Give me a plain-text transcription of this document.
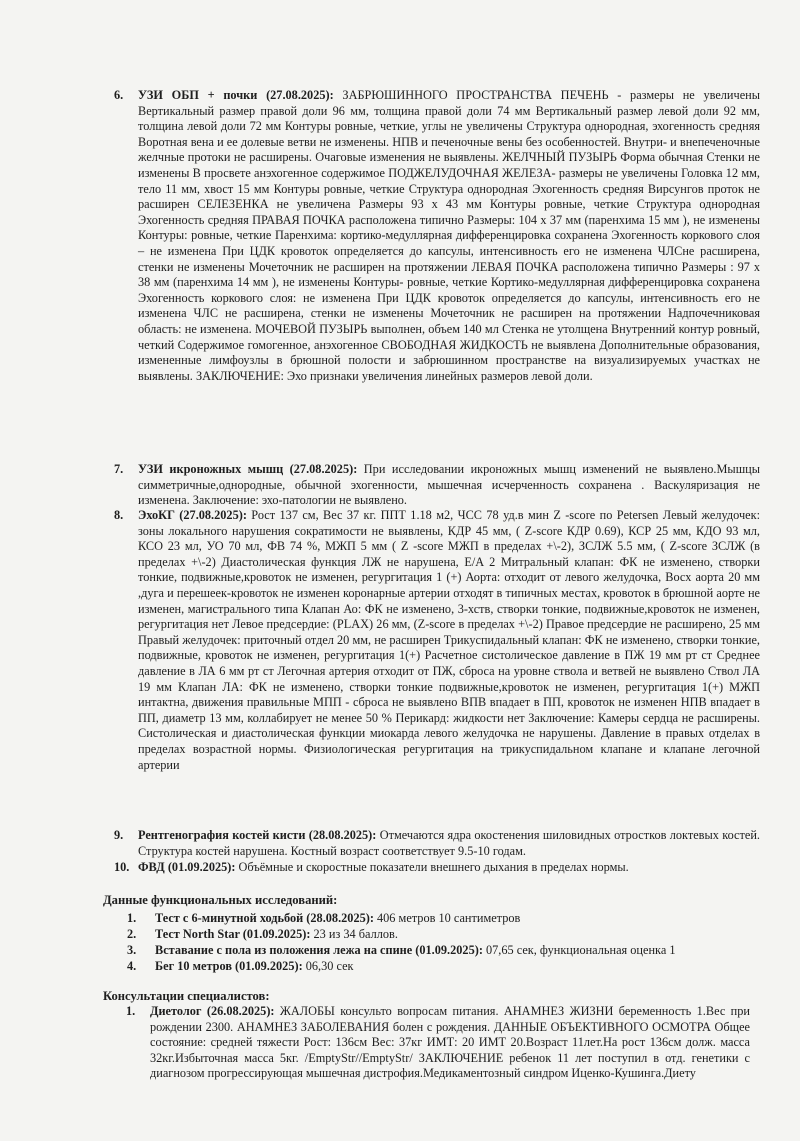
6. УЗИ ОБП + почки (27.08.2025): ЗАБРЮШИННОГО ПРОСТРАНСТВА ПЕЧЕНЬ - размеры не увеличены Вертикальный размер правой доли 96 мм, толщина правой доли 74 мм Вертикальный размер левой доли 92 мм, толщина левой доли 72 мм Контуры ровные, четкие, углы не увеличены Структура однородная, эхогенность средняя Воротная вена и ее долевые ветви не изменены. НПВ и печеночные вены без особенностей. Внутри- и внепеченочные желчные протоки не расширены. Очаговые изменения не выявлены. ЖЕЛЧНЫЙ ПУЗЫРЬ Форма обычная Стенки не изменены В просвете анэхогенное содержимое ПОДЖЕЛУДОЧНАЯ ЖЕЛЕЗА- размеры не увеличены Головка 12 мм, тело 11 мм, хвост 15 мм Контуры ровные, четкие Структура однородная Эхогенность средняя Вирсунгов проток не расширен СЕЛЕЗЕНКА не увеличена Размеры 93 x 43 мм Контуры ровные, четкие Структура однородная Эхогенность средняя ПРАВАЯ ПОЧКА расположена типично Размеры: 104 x 37 мм (паренхима 15 мм ), не изменены Контуры: ровные, четкие Паренхима: кортико-медуллярная дифференцировка сохранена Эхогенность коркового слоя – не изменена При ЦДК кровоток определяется до капсулы, интенсивность его не изменена ЧЛСне расширена, стенки не изменены Мочеточник не расширен на протяжении ЛЕВАЯ ПОЧКА расположена типично Размеры : 97 x 38 мм (паренхима 14 мм ), не изменены Контуры- ровные, четкие Кортико-медуллярная дифференцировка сохранена Эхогенность коркового слоя: не изменена При ЦДК кровоток определяется до капсулы, интенсивность его не изменена ЧЛС не расширена, стенки не изменены Мочеточник не расширен на протяжении Надпочечниковая область: не изменена. МОЧЕВОЙ ПУЗЫРЬ выполнен, объем 140 мл Стенка не утолщена Внутренний контур ровный, четкий Содержимое гомогенное, анэхогенное СВОБОДНАЯ ЖИДКОСТЬ не выявлена Дополнительные образования, измененные лимфоузлы в брюшной полости и забрюшинном пространстве на визуализируемых участках не выявлены. ЗАКЛЮЧЕНИЕ: Эхо признаки увеличения линейных размеров левой доли.
7. УЗИ икроножных мышц (27.08.2025): При исследовании икроножных мышц изменений не выявлено.Мышцы симметричные,однородные, обычной эхогенности, мышечная исчерченность сохранена . Васкуляризация не изменена. Заключение: эхо-патологии не выявлено.
8. ЭхоКГ (27.08.2025): Рост 137 см, Вес 37 кг. ППТ 1.18 м2, ЧСС 78 уд.в мин Z -score по Petersen Левый желудочек: зоны локального нарушения сократимости не выявлены, КДР 45 мм, ( Z-score КДР 0.69), КСР 25 мм, КДО 93 мл, КСО 23 мл, УО 70 мл, ФВ 74 %, МЖП 5 мм ( Z -score МЖП в пределах +\-2), ЗСЛЖ 5.5 мм, ( Z-score ЗСЛЖ (в пределах +\-2) Диастолическая функция ЛЖ не нарушена, E/A 2 Митральный клапан: ФК не изменено, створки тонкие, подвижные,кровоток не изменен, регургитация 1 (+) Аорта: отходит от левого желудочка, Восх аорта 20 мм ,дуга и перешеек-кровоток не изменен коронарные артерии отходят в типичных местах, кровоток в брюшной аорте не изменен, магистрального типа Клапан Ао: ФК не изменено, 3-хств, створки тонкие, подвижные,кровоток не изменен, регургитация нет Левое предсердие: (PLAX) 26 мм, (Z-score в пределах +\-2) Правое предсердие не расширено, 25 мм Правый желудочек: приточный отдел 20 мм, не расширен Трикуспидальный клапан: ФК не изменено, створки тонкие, подвижные, кровоток не изменен, регургитация 1(+) Расчетное систолическое давление в ПЖ 19 мм рт ст Среднее давление в ЛА 6 мм рт ст Легочная артерия отходит от ПЖ, сброса на уровне ствола и ветвей не выявлено Ствол ЛА 19 мм Клапан ЛА: ФК не изменено, створки тонкие подвижные,кровоток не изменен, регургитация 1(+) МЖП интактна, движения правильные МПП - сброса не выявлено ВПВ впадает в ПП, кровоток не изменен НПВ впадает в ПП, диаметр 13 мм, коллабирует не менее 50 % Перикард: жидкости нет Заключение: Камеры сердца не расширены. Систолическая и диастолическая функции миокарда левого желудочка не нарушены. Давление в правых отделах в пределах возрастной нормы. Физиологическая регургитация на трикуспидальном клапане и клапане легочной артерии
9. Рентгенография костей кисти (28.08.2025): Отмечаются ядра окостенения шиловидных отростков локтевых костей. Структура костей нарушена. Костный возраст соответствует 9.5-10 годам.
10. ФВД (01.09.2025): Объёмные и скоростные показатели внешнего дыхания в пределах нормы.
Данные функциональных исследований:
1. Тест с 6-минутной ходьбой (28.08.2025): 406 метров 10 сантиметров
2. Тест North Star (01.09.2025): 23 из 34 баллов.
3. Вставание с пола из положения лежа на спине (01.09.2025): 07,65 сек, функциональная оценка 1
4. Бег 10 метров (01.09.2025): 06,30 сек
Консультации специалистов:
1. Диетолог (26.08.2025): ЖАЛОБЫ консульто вопросам питания. АНАМНЕЗ ЖИЗНИ беременность 1.Вес при рождении 2300. АНАМНЕЗ ЗАБОЛЕВАНИЯ болен с рождения. ДАННЫЕ ОБЪЕКТИВНОГО ОСМОТРА Общее состояние: средней тяжести Рост: 136см Вес: 37кг ИМТ: 20 ИМТ 20.Возраст 11лет.На рост 136см долж. масса 32кг.Избыточная масса 5кг. /EmptyStr//EmptyStr/ ЗАКЛЮЧЕНИЕ ребенок 11 лет поступил в отд. генетики с диагнозом прогрессирующая мышечная дистрофия.Медикаментозный синдром Иценко-Кушинга.Диету
